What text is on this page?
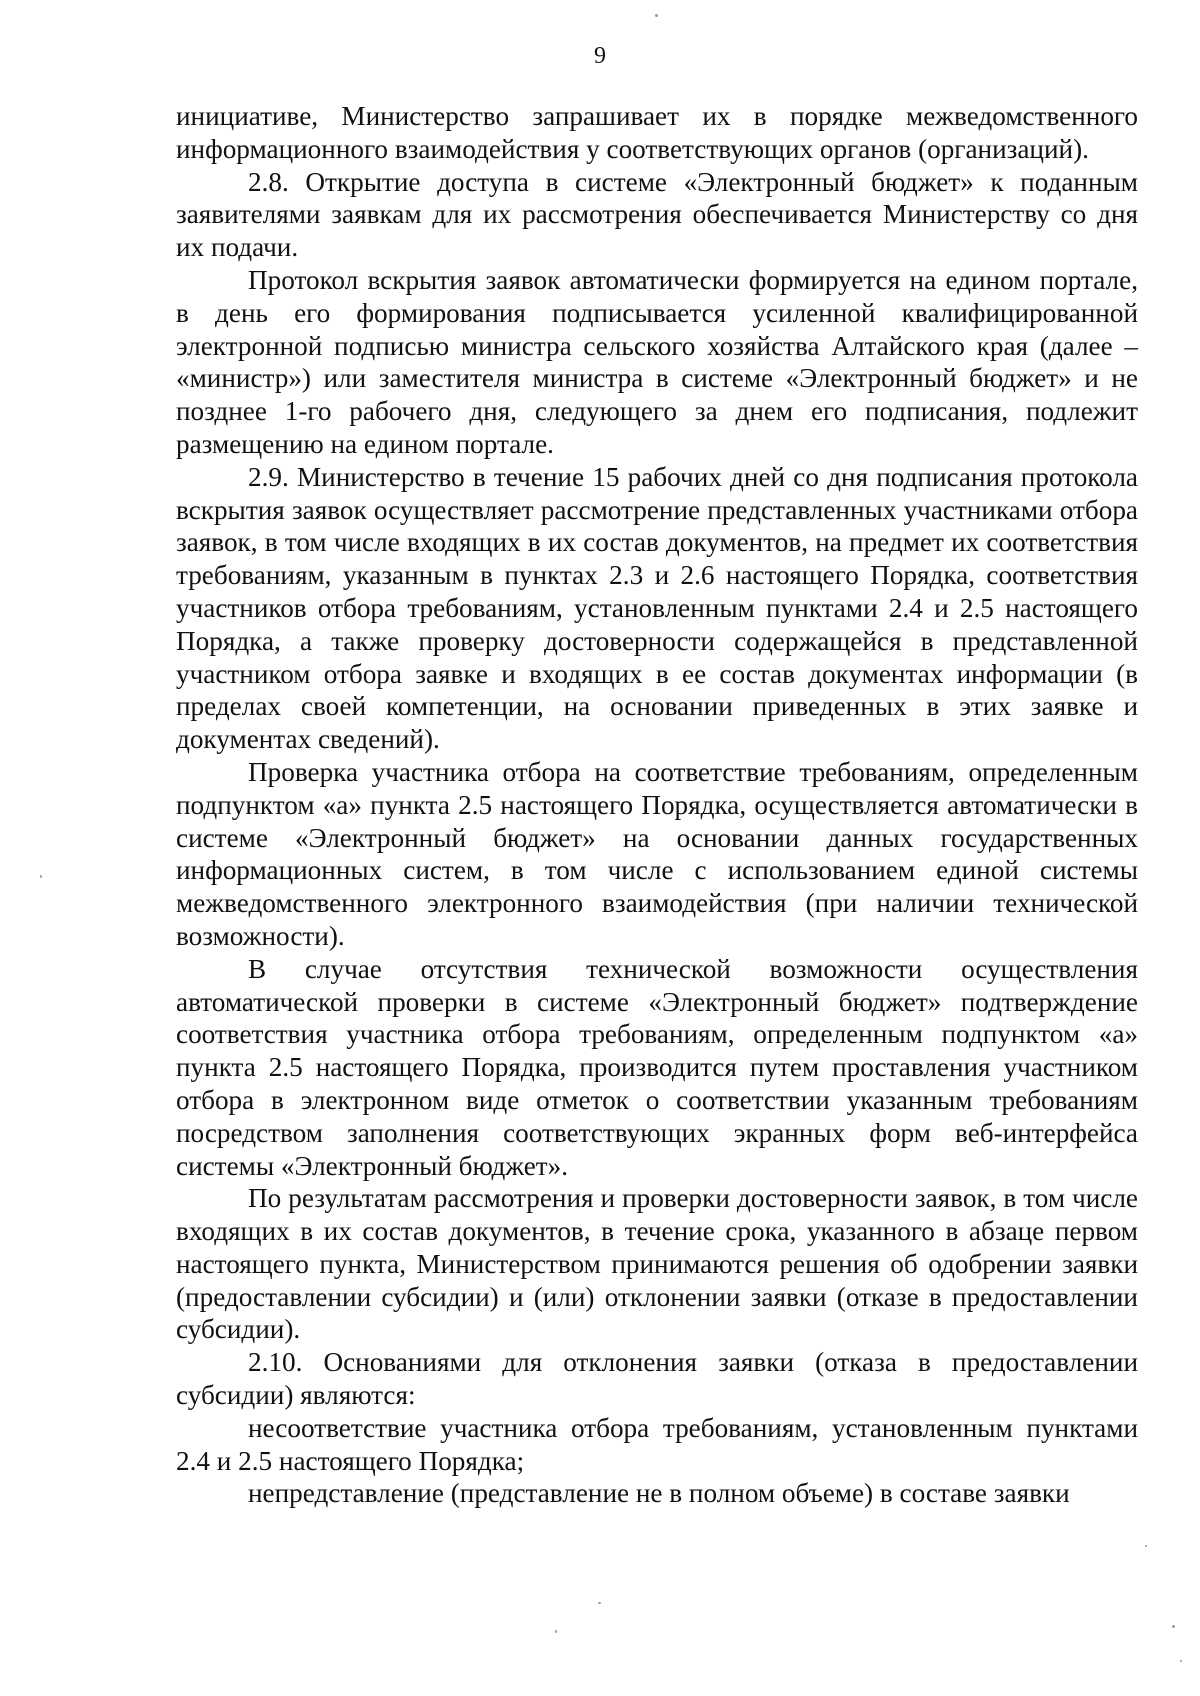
9

инициативе, Министерство запрашивает их в порядке межведомственного информационного взаимодействия у соответствующих органов (организаций).

2.8. Открытие доступа в системе «Электронный бюджет» к поданным заявителями заявкам для их рассмотрения обеспечивается Министерству со дня их подачи.

Протокол вскрытия заявок автоматически формируется на едином портале, в день его формирования подписывается усиленной квалифицированной электронной подписью министра сельского хозяйства Алтайского края (далее – «министр») или заместителя министра в системе «Электронный бюджет» и не позднее 1-го рабочего дня, следующего за днем его подписания, подлежит размещению на едином портале.

2.9. Министерство в течение 15 рабочих дней со дня подписания протокола вскрытия заявок осуществляет рассмотрение представленных участниками отбора заявок, в том числе входящих в их состав документов, на предмет их соответствия требованиям, указанным в пунктах 2.3 и 2.6 настоящего Порядка, соответствия участников отбора требованиям, установленным пунктами 2.4 и 2.5 настоящего Порядка, а также проверку достоверности содержащейся в представленной участником отбора заявке и входящих в ее состав документах информации (в пределах своей компетенции, на основании приведенных в этих заявке и документах сведений).

Проверка участника отбора на соответствие требованиям, определенным подпунктом «а» пункта 2.5 настоящего Порядка, осуществляется автоматически в системе «Электронный бюджет» на основании данных государственных информационных систем, в том числе с использованием единой системы межведомственного электронного взаимодействия (при наличии технической возможности).

В случае отсутствия технической возможности осуществления автоматической проверки в системе «Электронный бюджет» подтверждение соответствия участника отбора требованиям, определенным подпунктом «а» пункта 2.5 настоящего Порядка, производится путем проставления участником отбора в электронном виде отметок о соответствии указанным требованиям посредством заполнения соответствующих экранных форм веб-интерфейса системы «Электронный бюджет».

По результатам рассмотрения и проверки достоверности заявок, в том числе входящих в их состав документов, в течение срока, указанного в абзаце первом настоящего пункта, Министерством принимаются решения об одобрении заявки (предоставлении субсидии) и (или) отклонении заявки (отказе в предоставлении субсидии).

2.10. Основаниями для отклонения заявки (отказа в предоставлении субсидии) являются:

несоответствие участника отбора требованиям, установленным пунктами 2.4 и 2.5 настоящего Порядка;

непредставление (представление не в полном объеме) в составе заявки
